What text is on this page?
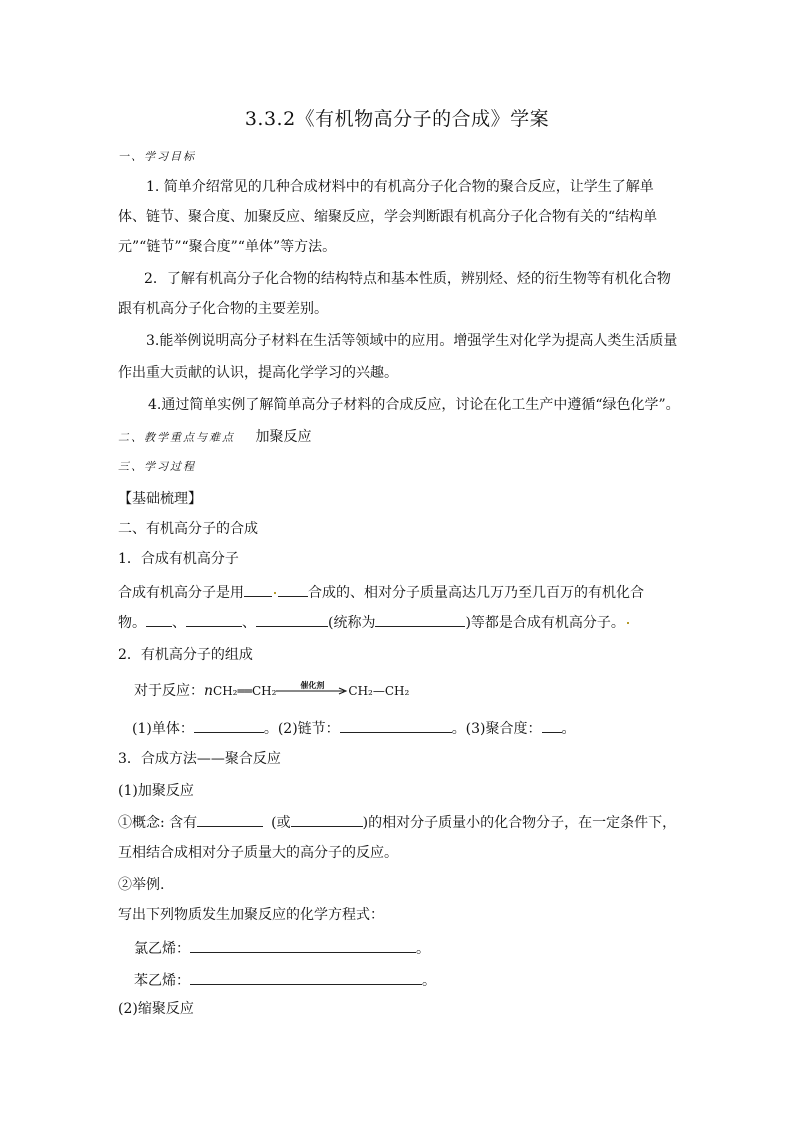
3.3.2《有机物高分子的合成》学案
一、学习目标
1. 简单介绍常见的几种合成材料中的有机高分子化合物的聚合反应，让学生了解单
体、链节、聚合度、加聚反应、缩聚反应，学会判断跟有机高分子化合物有关的“结构单
元”“链节”“聚合度”“单体”等方法。
2．了解有机高分子化合物的结构特点和基本性质，辨别烃、烃的衍生物等有机化合物
跟有机高分子化合物的主要差别。
3.能举例说明高分子材料在生活等领域中的应用。增强学生对化学为提高人类生活质量
作出重大贡献的认识，提高化学学习的兴趣。
4.通过简单实例了解简单高分子材料的合成反应，讨论在化工生产中遵循“绿色化学”。
二、教学重点与难点 加聚反应
三、学习过程
【基础梳理】
二、有机高分子的合成
1．合成有机高分子
合成有机高分子是用	合成的、相对分子质量高达几万乃至几百万的有机化合
物。 、	、	(统称为	)等都是合成有机高分子。
2．有机高分子的组成
对于反应：nCH₂══CH₂	催化剂	CH₂—CH₂
(1)单体：	。(2)链节：	。(3)聚合度： 。
3．合成方法——聚合反应
(1)加聚反应
①概念: 含有	(或	)的相对分子质量小的化合物分子，在一定条件下，
互相结合成相对分子质量大的高分子的反应。
②举例.
写出下列物质发生加聚反应的化学方程式：
氯乙烯：	。
苯乙烯：	。
(2)缩聚反应
